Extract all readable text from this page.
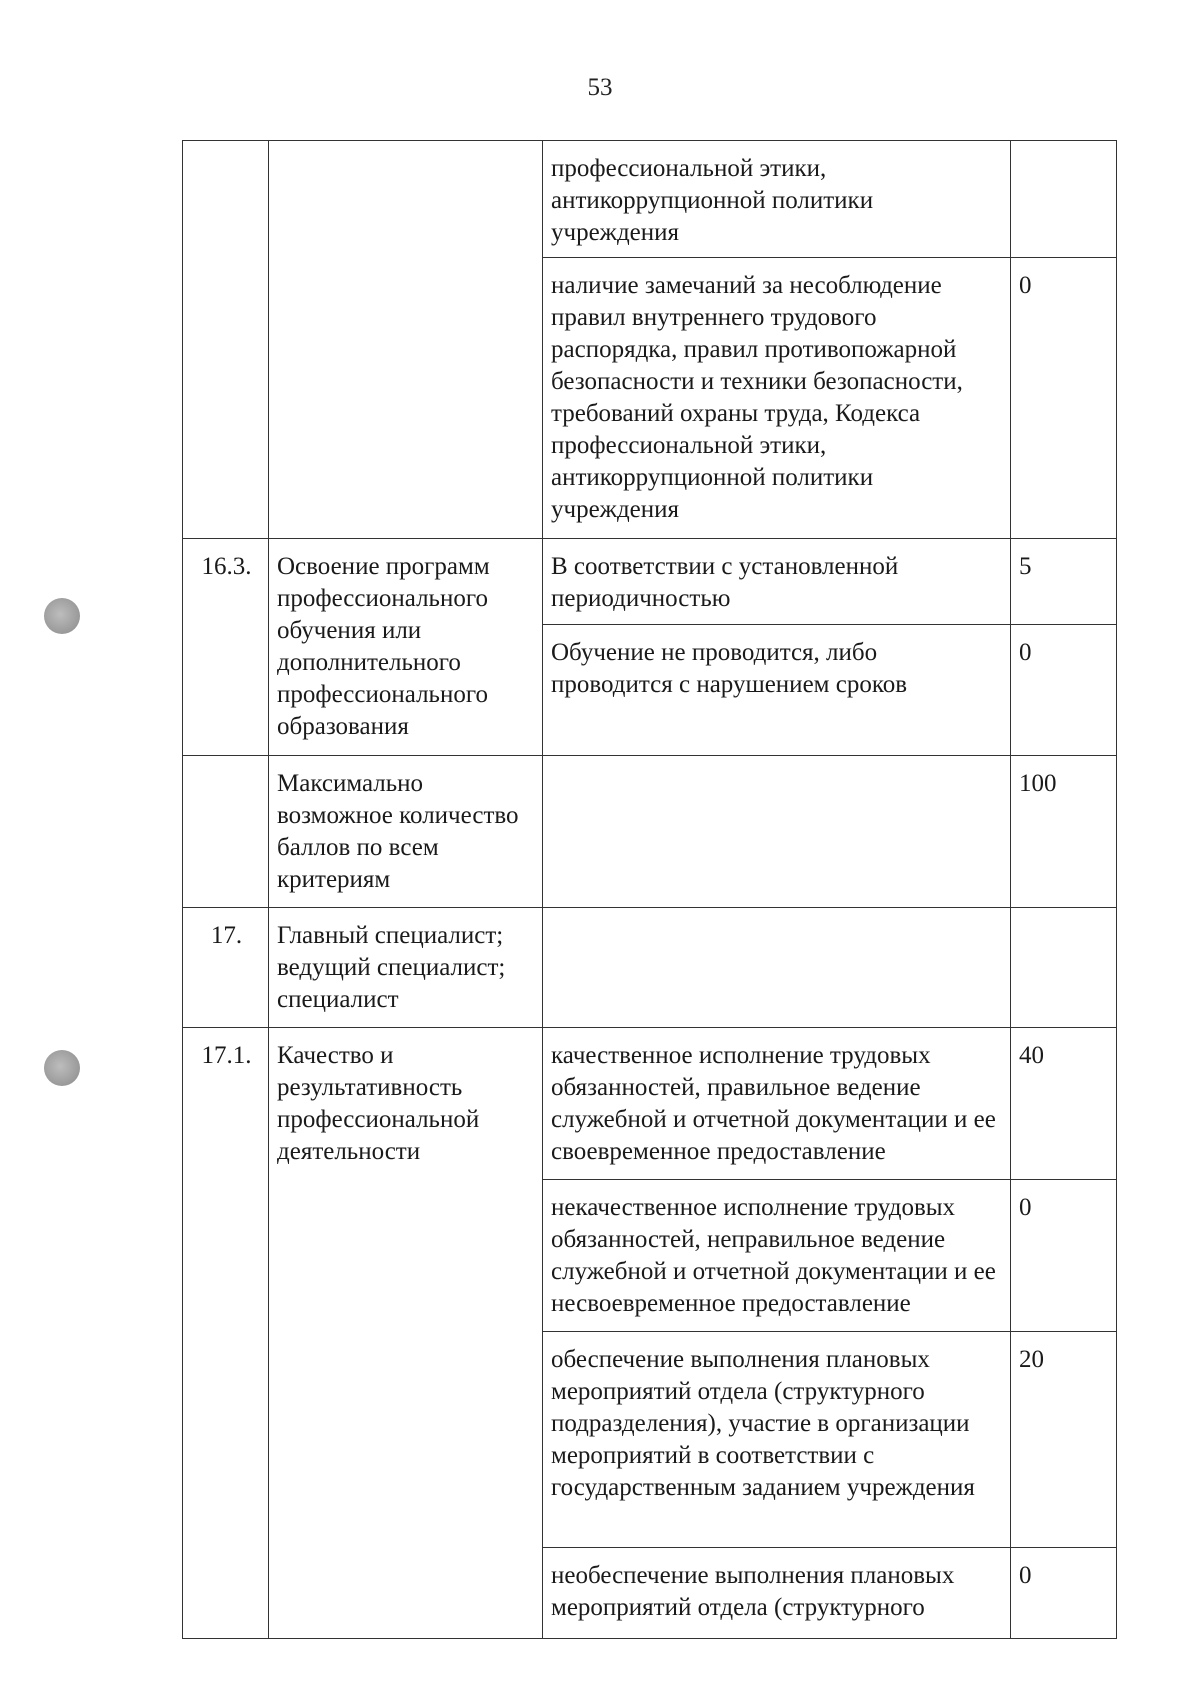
53
		профессиональной этики, антикоррупционной политики учреждения	
		наличие замечаний за несоблюдение правил внутреннего трудового распорядка, правил противопожарной безопасности и техники безопасности, требований охраны труда, Кодекса профессиональной этики, антикоррупционной политики учреждения	0
16.3.	Освоение программ профессионального обучения или дополнительного профессионального образования	В соответствии с установленной периодичностью	5
		Обучение не проводится, либо проводится с нарушением сроков	0
	Максимально возможное количество баллов по всем критериям		100
17.	Главный специалист; ведущий специалист; специалист		
17.1.	Качество и результативность профессиональной деятельности	качественное исполнение трудовых обязанностей, правильное ведение служебной и отчетной документации и ее своевременное предоставление	40
		некачественное исполнение трудовых обязанностей, неправильное ведение служебной и отчетной документации и ее несвоевременное предоставление	0
		обеспечение выполнения плановых мероприятий отдела (структурного подразделения), участие в организации мероприятий в соответствии с государственным заданием учреждения	20
		необеспечение выполнения плановых мероприятий отдела (структурного	0
